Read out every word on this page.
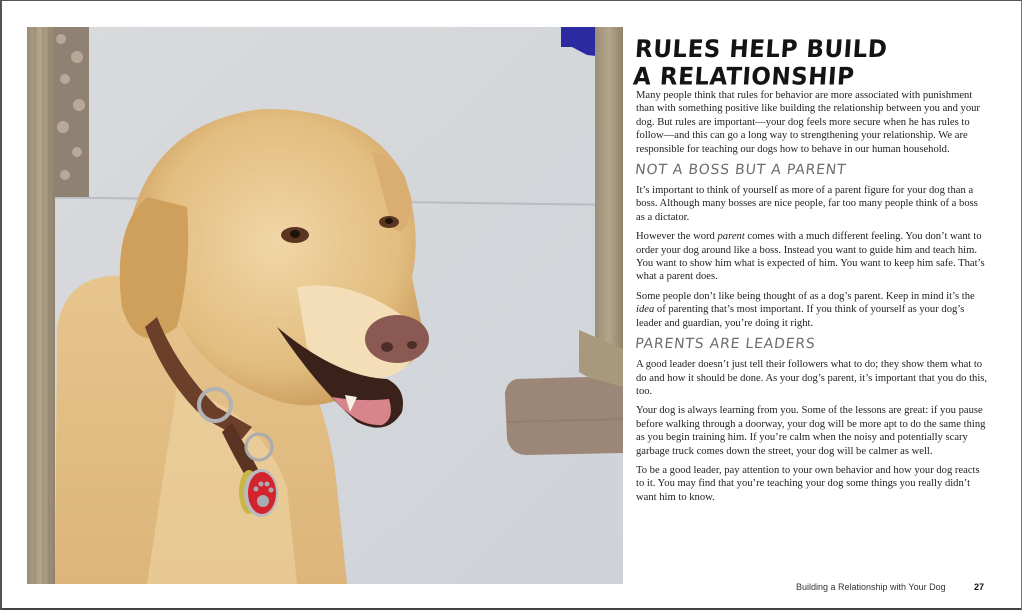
RULES HELP BUILD
A RELATIONSHIP

Many people think that rules for behavior are more associated with punishment than with something positive like building the relationship between you and your dog. But rules are important—your dog feels more secure when he has rules to follow—and this can go a long way to strengthening your relationship. We are responsible for teaching our dogs how to behave in our human household.

NOT A BOSS BUT A PARENT

It’s important to think of yourself as more of a parent figure for your dog than a boss. Although many bosses are nice people, far too many people think of a boss as a dictator.

However the word parent comes with a much different feeling. You don’t want to order your dog around like a boss. Instead you want to guide him and teach him. You want to show him what is expected of him. You want to keep him safe. That’s what a parent does.

Some people don’t like being thought of as a dog’s parent. Keep in mind it’s the idea of parenting that’s most important. If you think of yourself as your dog’s leader and guardian, you’re doing it right.

PARENTS ARE LEADERS

A good leader doesn’t just tell their followers what to do; they show them what to do and how it should be done. As your dog’s parent, it’s important that you do this, too.

Your dog is always learning from you. Some of the lessons are great: if you pause before walking through a doorway, your dog will be more apt to do the same thing as you begin training him. If you’re calm when the noisy and potentially scary garbage truck comes down the street, your dog will be calmer as well.

To be a good leader, pay attention to your own behavior and how your dog reacts to it. You may find that you’re teaching your dog some things you really didn’t want him to know.

Building a Relationship with Your Dog	27
